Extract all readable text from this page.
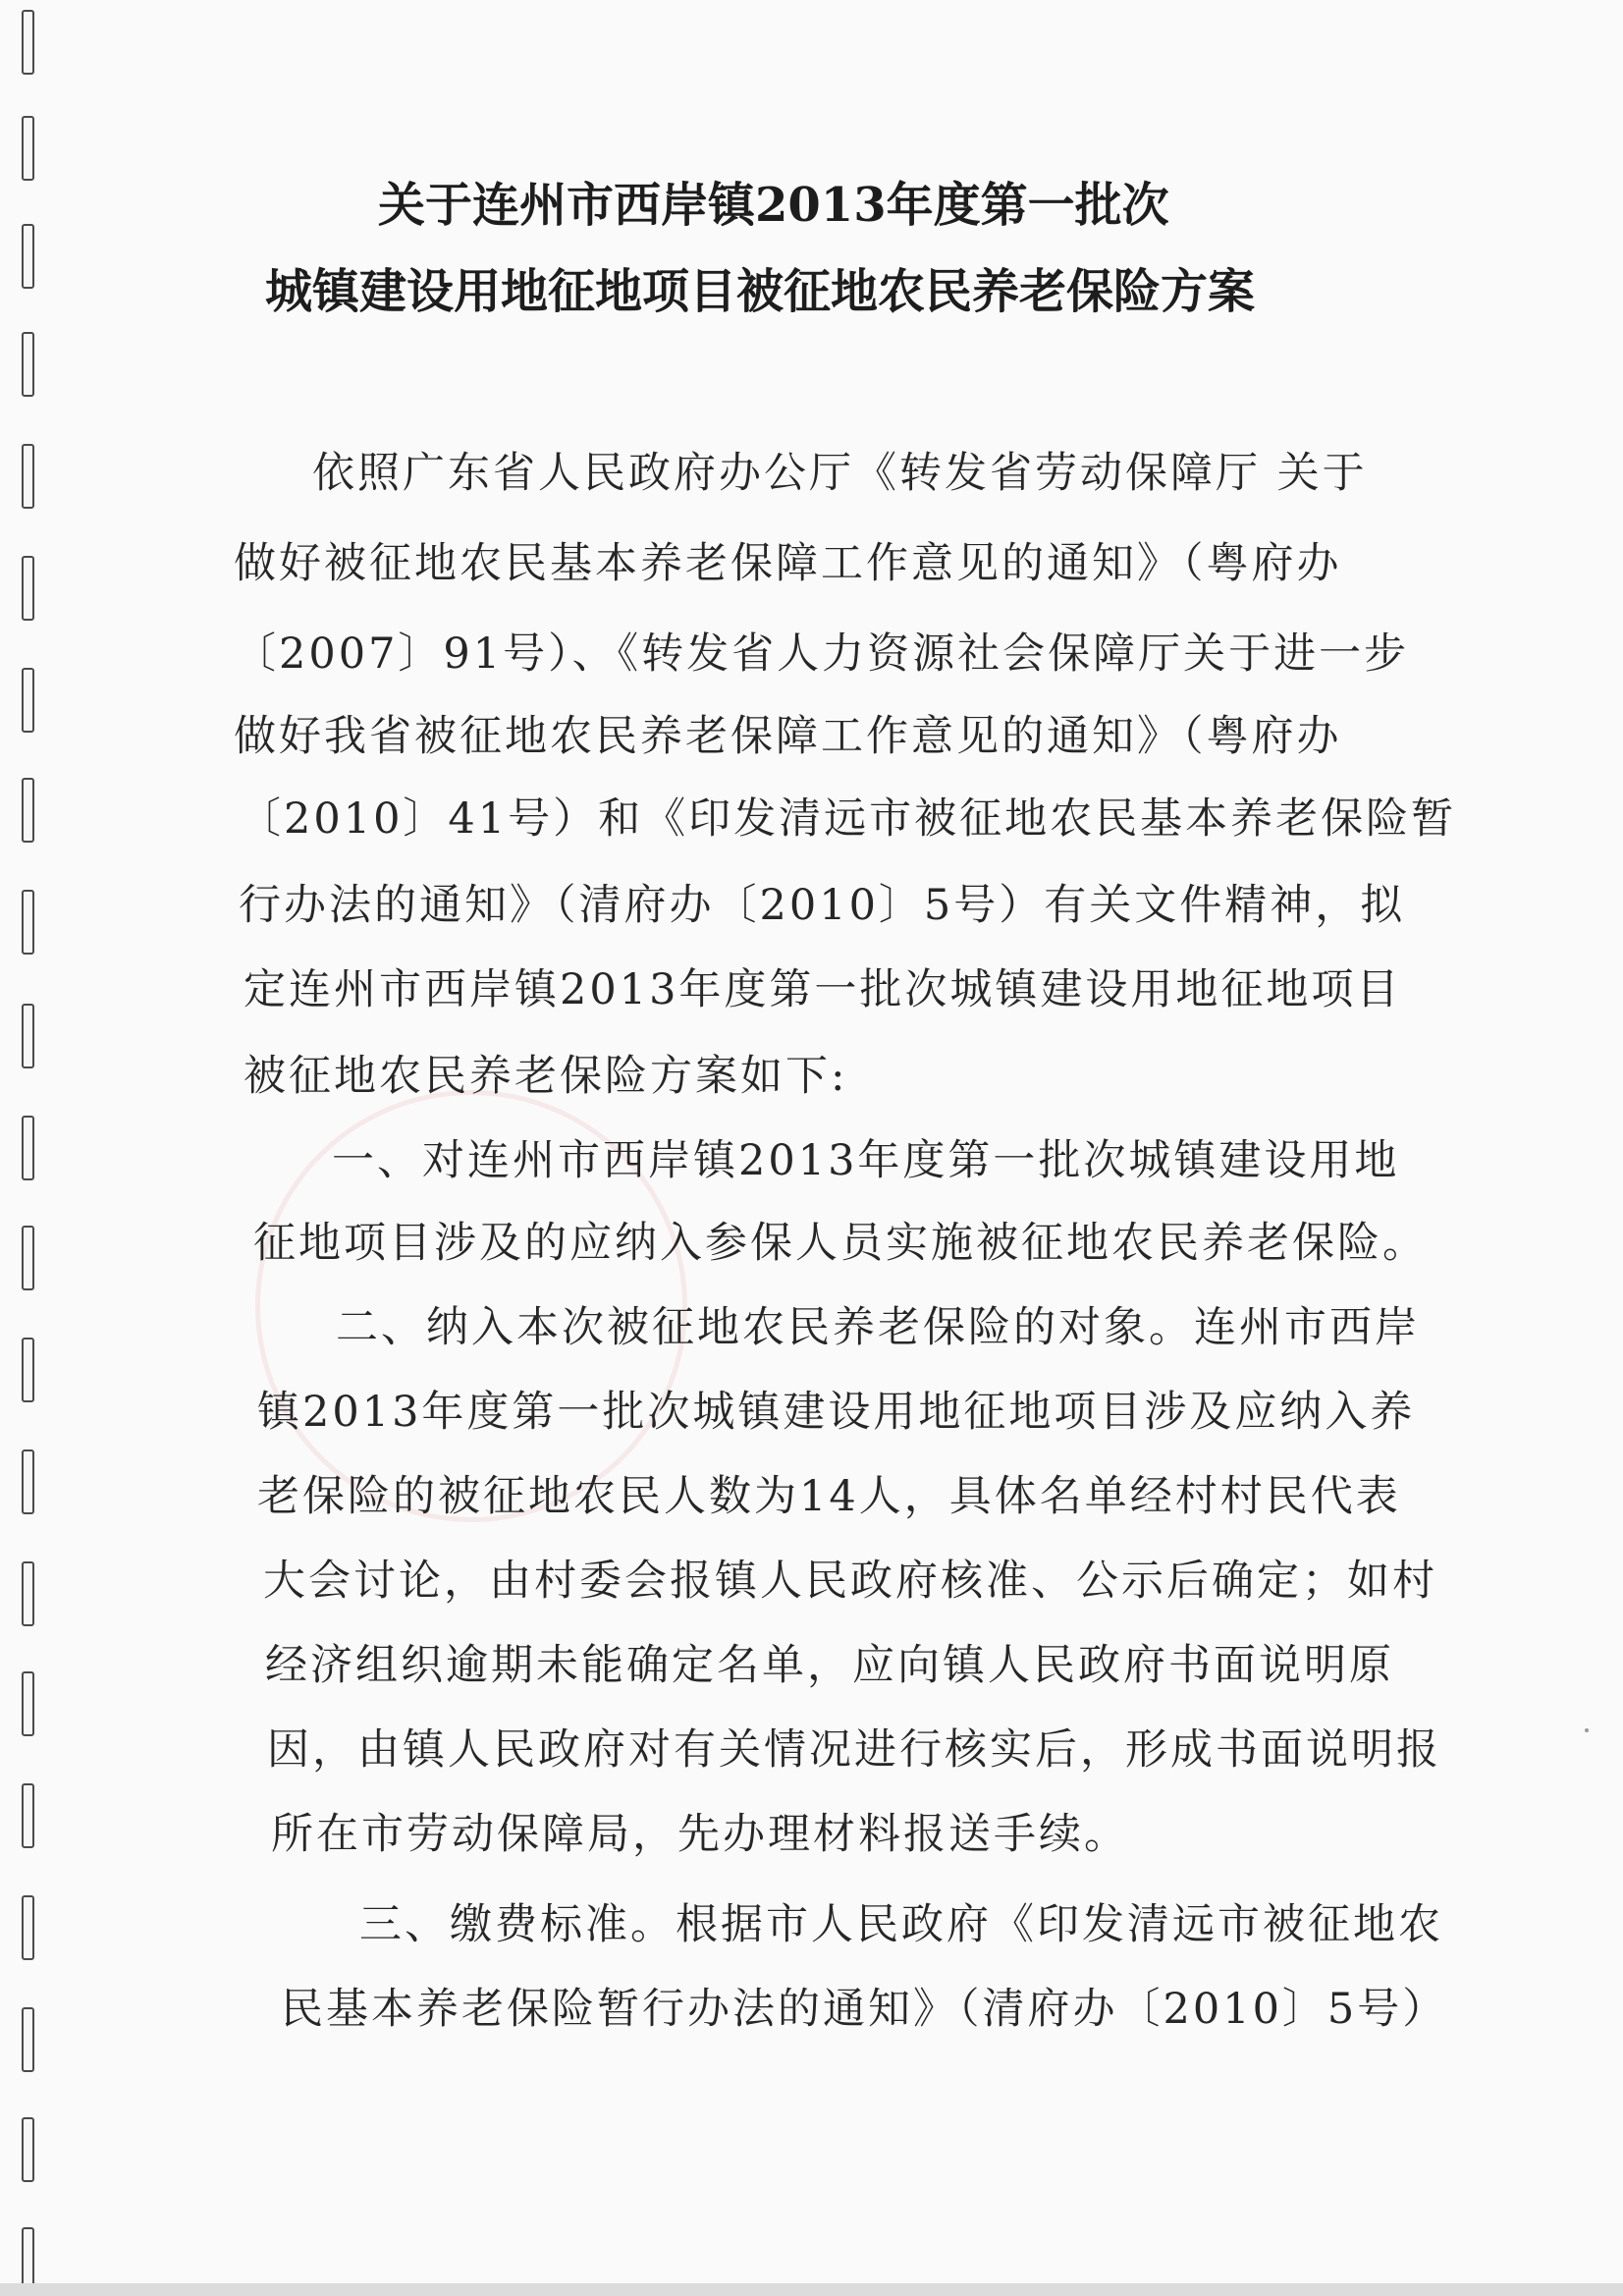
关于连州市西岸镇2013年度第一批次
城镇建设用地征地项目被征地农民养老保险方案
依照广东省人民政府办公厅《转发省劳动保障厅 关于
做好被征地农民基本养老保障工作意见的通知》（粤府办
〔2007〕91号）、《转发省人力资源社会保障厅关于进一步
做好我省被征地农民养老保障工作意见的通知》（粤府办
〔2010〕41号）和《印发清远市被征地农民基本养老保险暂
行办法的通知》（清府办〔2010〕5号）有关文件精神，拟
定连州市西岸镇2013年度第一批次城镇建设用地征地项目
被征地农民养老保险方案如下:
一、对连州市西岸镇2013年度第一批次城镇建设用地
征地项目涉及的应纳入参保人员实施被征地农民养老保险。
二、纳入本次被征地农民养老保险的对象。连州市西岸
镇2013年度第一批次城镇建设用地征地项目涉及应纳入养
老保险的被征地农民人数为14人，具体名单经村村民代表
大会讨论，由村委会报镇人民政府核准、公示后确定；如村
经济组织逾期未能确定名单，应向镇人民政府书面说明原
因，由镇人民政府对有关情况进行核实后，形成书面说明报
所在市劳动保障局，先办理材料报送手续。
三、缴费标准。根据市人民政府《印发清远市被征地农
民基本养老保险暂行办法的通知》（清府办〔2010〕5号）
